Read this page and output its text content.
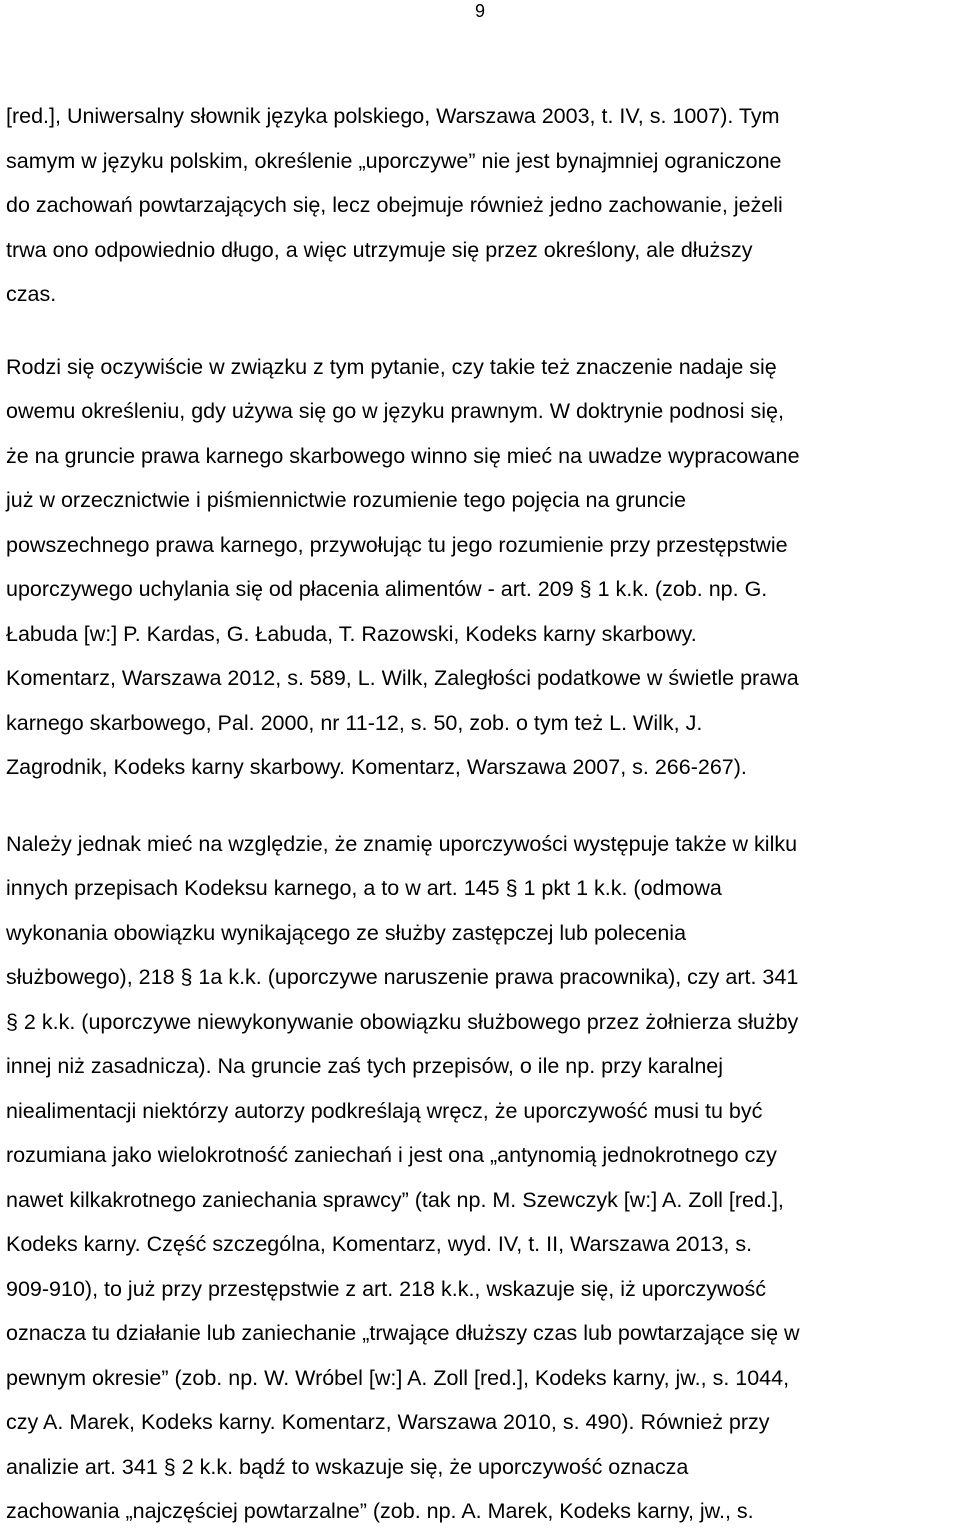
9
[red.], Uniwersalny słownik języka polskiego, Warszawa 2003, t. IV, s. 1007). Tym
samym w języku polskim, określenie „uporczywe” nie jest bynajmniej ograniczone
do zachowań powtarzających się, lecz obejmuje również jedno zachowanie, jeżeli
trwa ono odpowiednio długo, a więc utrzymuje się przez określony, ale dłuższy
czas.
Rodzi się oczywiście w związku z tym pytanie, czy takie też znaczenie nadaje się
owemu określeniu, gdy używa się go w języku prawnym. W doktrynie podnosi się,
że na gruncie prawa karnego skarbowego winno się mieć na uwadze wypracowane
już w orzecznictwie i piśmiennictwie rozumienie tego pojęcia na gruncie
powszechnego prawa karnego, przywołując tu jego rozumienie przy przestępstwie
uporczywego uchylania się od płacenia alimentów - art. 209 § 1 k.k. (zob. np. G.
Łabuda [w:] P. Kardas, G. Łabuda, T. Razowski, Kodeks karny skarbowy.
Komentarz, Warszawa 2012, s. 589, L. Wilk, Zaległości podatkowe w świetle prawa
karnego skarbowego, Pal. 2000, nr 11-12, s. 50, zob. o tym też L. Wilk, J.
Zagrodnik, Kodeks karny skarbowy. Komentarz, Warszawa 2007, s. 266-267).
Należy jednak mieć na względzie, że znamię uporczywości występuje także w kilku
innych przepisach Kodeksu karnego, a to w art. 145 § 1 pkt 1 k.k. (odmowa
wykonania obowiązku wynikającego ze służby zastępczej lub polecenia
służbowego), 218 § 1a k.k. (uporczywe naruszenie prawa pracownika), czy art. 341
§ 2 k.k. (uporczywe niewykonywanie obowiązku służbowego przez żołnierza służby
innej niż zasadnicza). Na gruncie zaś tych przepisów, o ile np. przy karalnej
niealimentacji niektórzy autorzy podkreślają wręcz, że uporczywość musi tu być
rozumiana jako wielokrotność zaniechań i jest ona „antynomią jednokrotnego czy
nawet kilkakrotnego zaniechania sprawcy” (tak np. M. Szewczyk [w:] A. Zoll [red.],
Kodeks karny. Część szczególna, Komentarz, wyd. IV, t. II, Warszawa 2013, s.
909-910), to już przy przestępstwie z art. 218 k.k., wskazuje się, iż uporczywość
oznacza tu działanie lub zaniechanie „trwające dłuższy czas lub powtarzające się w
pewnym okresie” (zob. np. W. Wróbel [w:] A. Zoll [red.], Kodeks karny, jw., s. 1044,
czy A. Marek, Kodeks karny. Komentarz, Warszawa 2010, s. 490). Również przy
analizie art. 341 § 2 k.k. bądź to wskazuje się, że uporczywość oznacza
zachowania „najczęściej powtarzalne” (zob. np. A. Marek, Kodeks karny, jw., s.
